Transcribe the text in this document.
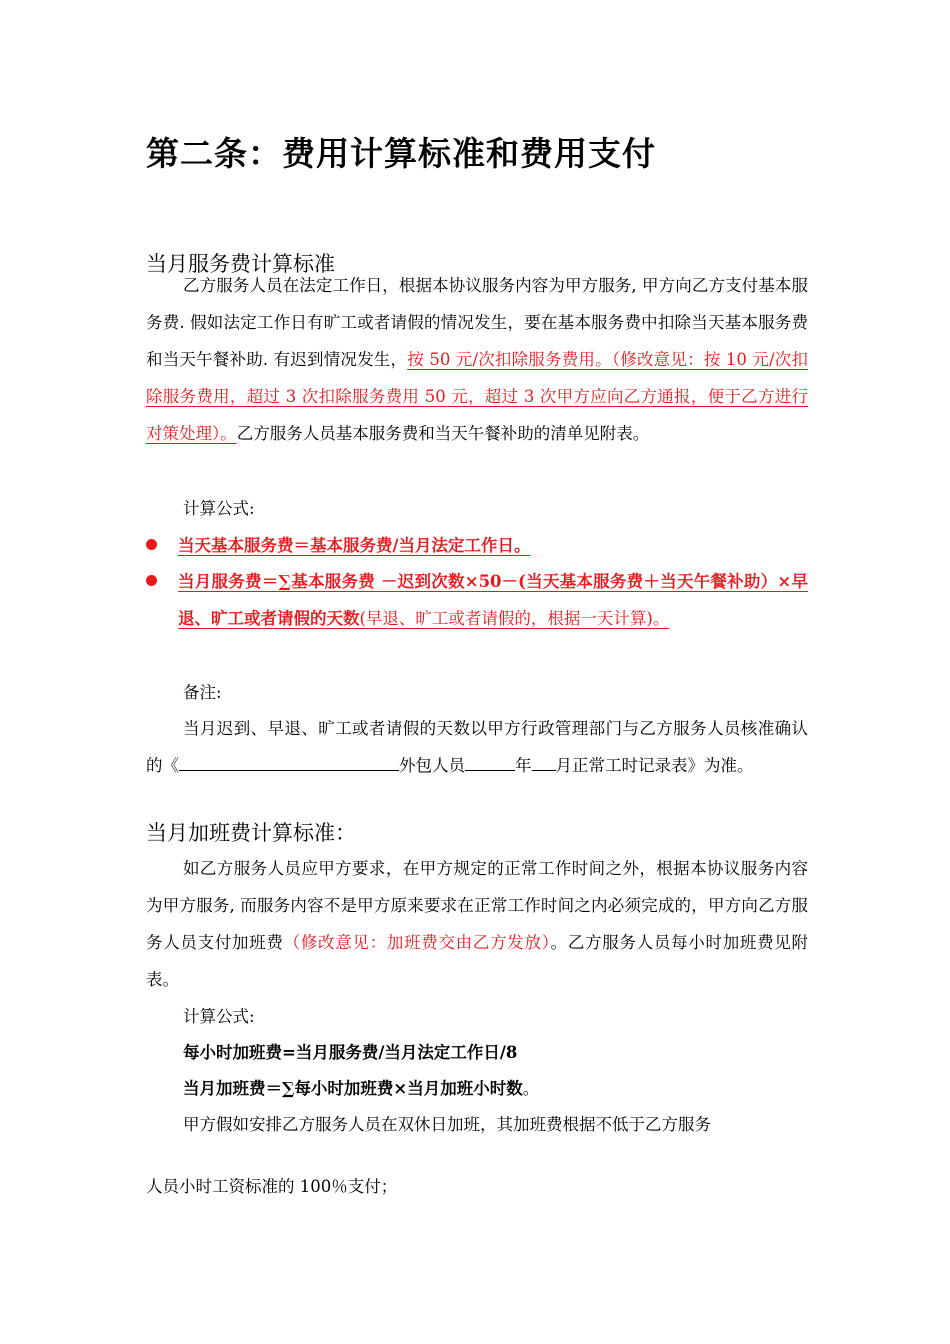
第二条：费用计算标准和费用支付
当月服务费计算标准

乙方服务人员在法定工作日，根据本协议服务内容为甲方服务, 甲方向乙方支付基本服务费. 假如法定工作日有旷工或者请假的情况发生，要在基本服务费中扣除当天基本服务费和当天午餐补助. 有迟到情况发生，按 50 元/次扣除服务费用。（修改意见：按 10 元/次扣除服务费用，超过 3 次扣除服务费用 50 元，超过 3 次甲方应向乙方通报，便于乙方进行对策处理）。乙方服务人员基本服务费和当天午餐补助的清单见附表。

计算公式:
当天基本服务费＝基本服务费/当月法定工作日。
当月服务费＝∑基本服务费 －迟到次数×50－(当天基本服务费＋当天午餐补助）×早退、旷工或者请假的天数(早退、旷工或者请假的，根据一天计算)。
备注:

当月迟到、早退、旷工或者请假的天数以甲方行政管理部门与乙方服务人员核准确认的《	外包人员	年 月正常工时记录表》为准。

当月加班费计算标准：

如乙方服务人员应甲方要求，在甲方规定的正常工作时间之外，根据本协议服务内容为甲方服务, 而服务内容不是甲方原来要求在正常工作时间之内必须完成的，甲方向乙方服务人员支付加班费（修改意见：加班费交由乙方发放）。乙方服务人员每小时加班费见附表。

计算公式:
每小时加班费=当月服务费/当月法定工作日/8
当月加班费＝∑每小时加班费×当月加班小时数。
甲方假如安排乙方服务人员在双休日加班，其加班费根据不低于乙方服务
人员小时工资标准的 100％支付；
